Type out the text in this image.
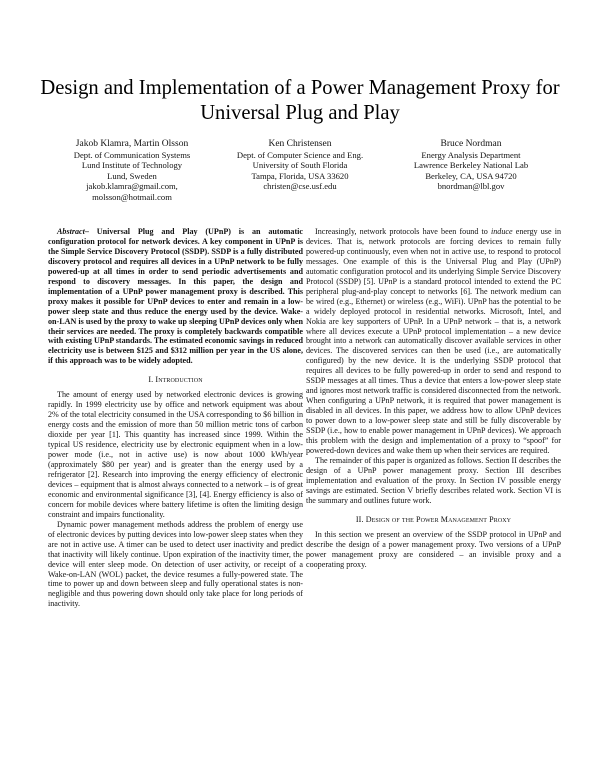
Design and Implementation of a Power Management Proxy for Universal Plug and Play
Jakob Klamra, Martin Olsson
Dept. of Communication Systems
Lund Institute of Technology
Lund, Sweden
jakob.klamra@gmail.com,
molsson@hotmail.com
Ken Christensen
Dept. of Computer Science and Eng.
University of South Florida
Tampa, Florida, USA 33620
christen@cse.usf.edu
Bruce Nordman
Energy Analysis Department
Lawrence Berkeley National Lab
Berkeley, CA, USA 94720
bnordman@lbl.gov

Abstract– Universal Plug and Play (UPnP) is an automatic configuration protocol for network devices. A key component in UPnP is the Simple Service Discovery Protocol (SSDP). SSDP is a fully distributed discovery protocol and requires all devices in a UPnP network to be fully powered-up at all times in order to send periodic advertisements and respond to discovery messages. In this paper, the design and implementation of a UPnP power management proxy is described. This proxy makes it possible for UPnP devices to enter and remain in a low-power sleep state and thus reduce the energy used by the device. Wake-on-LAN is used by the proxy to wake up sleeping UPnP devices only when their services are needed. The proxy is completely backwards compatible with existing UPnP standards. The estimated economic savings in reduced electricity use is between $125 and $312 million per year in the US alone, if this approach was to be widely adopted.

I. Introduction

The amount of energy used by networked electronic devices is growing rapidly. In 1999 electricity use by office and network equipment was about 2% of the total electricity consumed in the USA corresponding to $6 billion in energy costs and the emission of more than 50 million metric tons of carbon dioxide per year [1]. This quantity has increased since 1999. Within the typical US residence, electricity use by electronic equipment when in a low-power mode (i.e., not in active use) is now about 1000 kWh/year (approximately $80 per year) and is greater than the energy used by a refrigerator [2]. Research into improving the energy efficiency of electronic devices – equipment that is almost always connected to a network – is of great economic and environmental significance [3], [4]. Energy efficiency is also of concern for mobile devices where battery lifetime is often the limiting design constraint and impairs functionality.

Dynamic power management methods address the problem of energy use of electronic devices by putting devices into low-power sleep states when they are not in active use. A timer can be used to detect user inactivity and predict that inactivity will likely continue. Upon expiration of the inactivity timer, the device will enter sleep mode. On detection of user activity, or receipt of a Wake-on-LAN (WOL) packet, the device resumes a fully-powered state. The time to power up and down between sleep and fully operational states is non-negligible and thus powering down should only take place for long periods of inactivity.

Increasingly, network protocols have been found to induce energy use in devices. That is, network protocols are forcing devices to remain fully powered-up continuously, even when not in active use, to respond to protocol messages. One example of this is the Universal Plug and Play (UPnP) automatic configuration protocol and its underlying Simple Service Discovery Protocol (SSDP) [5]. UPnP is a standard protocol intended to extend the PC peripheral plug-and-play concept to networks [6]. The network medium can be wired (e.g., Ethernet) or wireless (e.g., WiFi). UPnP has the potential to be a widely deployed protocol in residential networks. Microsoft, Intel, and Nokia are key supporters of UPnP. In a UPnP network – that is, a network where all devices execute a UPnP protocol implementation – a new device brought into a network can automatically discover available services in other devices. The discovered services can then be used (i.e., are automatically configured) by the new device. It is the underlying SSDP protocol that requires all devices to be fully powered-up in order to send and respond to SSDP messages at all times. Thus a device that enters a low-power sleep state and ignores most network traffic is considered disconnected from the network. When configuring a UPnP network, it is required that power management is disabled in all devices. In this paper, we address how to allow UPnP devices to power down to a low-power sleep state and still be fully discoverable by SSDP (i.e., how to enable power management in UPnP devices). We approach this problem with the design and implementation of a proxy to “spoof” for powered-down devices and wake them up when their services are required.

The remainder of this paper is organized as follows. Section II describes the design of a UPnP power management proxy. Section III describes implementation and evaluation of the proxy. In Section IV possible energy savings are estimated. Section V briefly describes related work. Section VI is the summary and outlines future work.

II. Design of the Power Management Proxy

In this section we present an overview of the SSDP protocol in UPnP and describe the design of a power management proxy. Two versions of a UPnP power management proxy are considered – an invisible proxy and a cooperating proxy.
